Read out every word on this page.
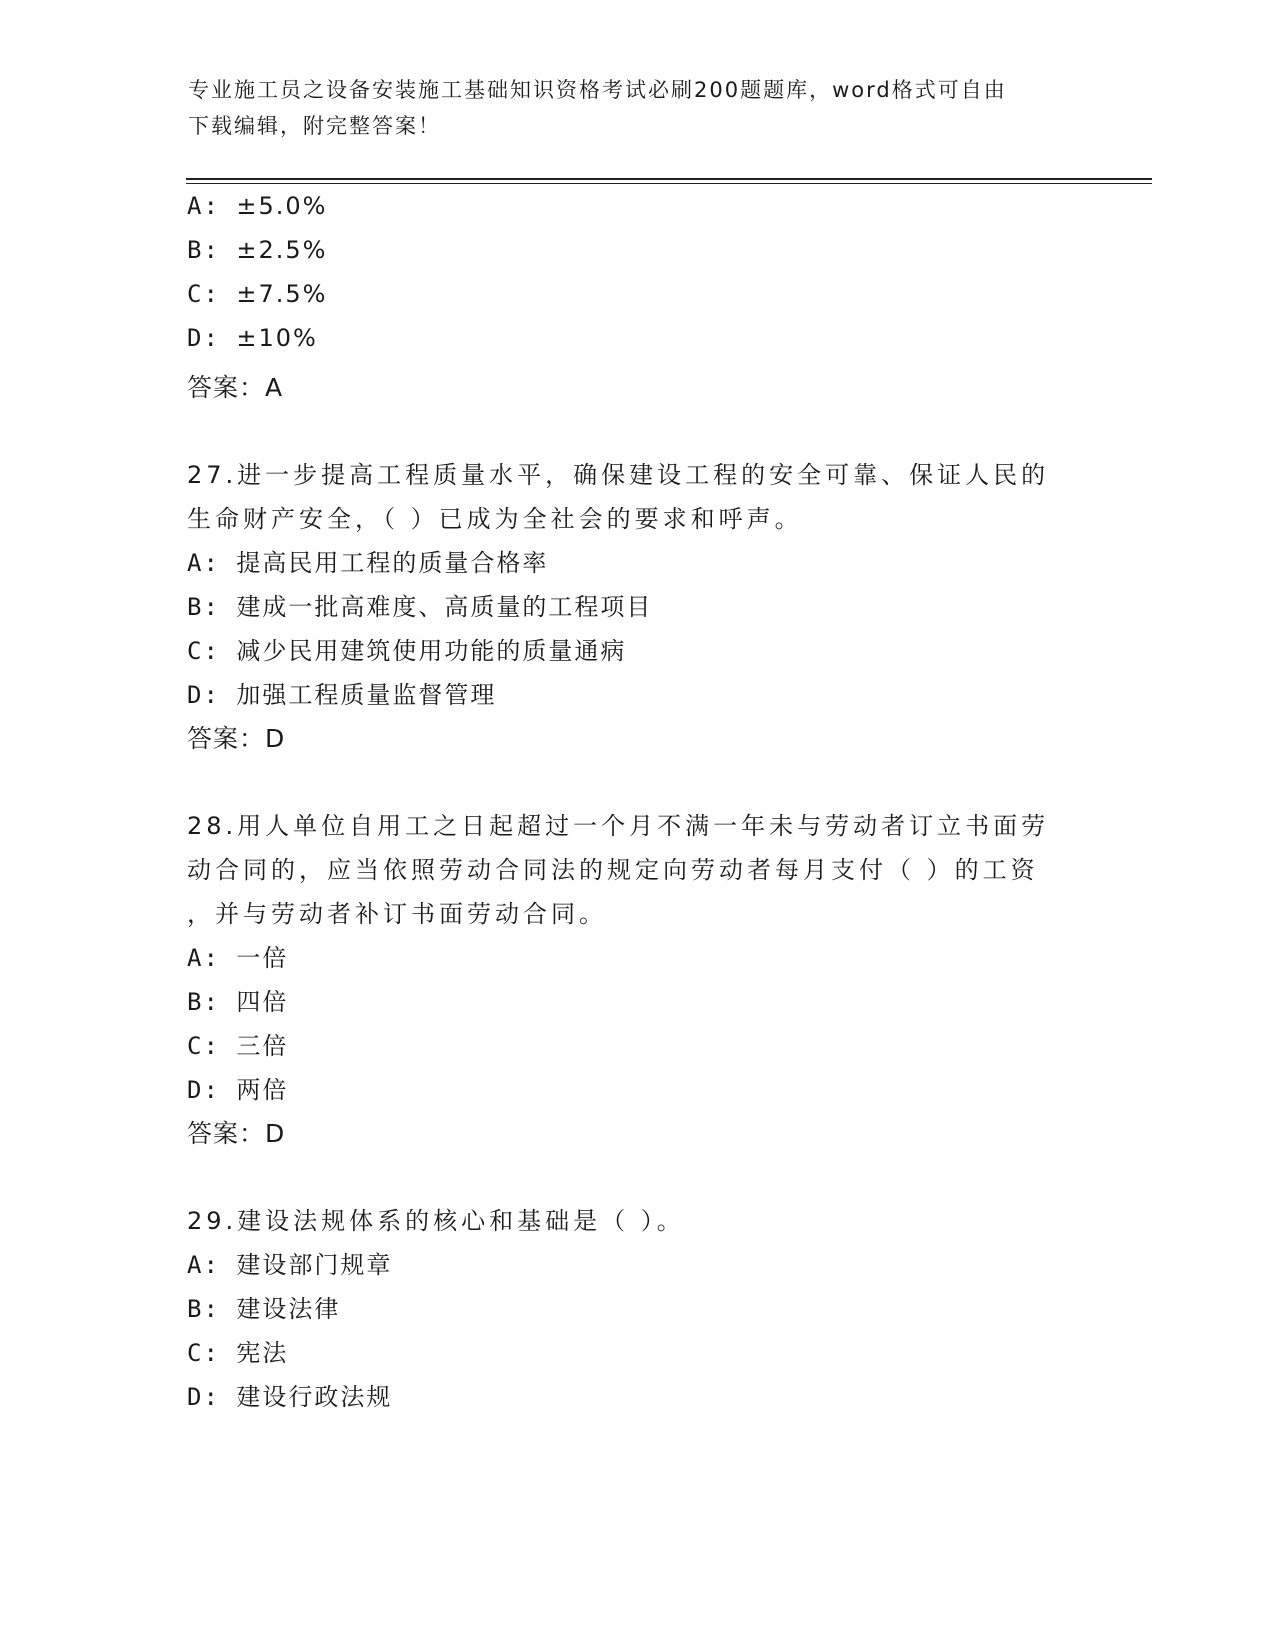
专业施工员之设备安装施工基础知识资格考试必刷200题题库，word格式可自由
下载编辑，附完整答案！
A: ±5.0%
B: ±2.5%
C: ±7.5%
D: ±10%
答案：A
27.进一步提高工程质量水平，确保建设工程的安全可靠、保证人民的
生命财产安全，（ ）已成为全社会的要求和呼声。
A: 提高民用工程的质量合格率
B: 建成一批高难度、高质量的工程项目
C: 减少民用建筑使用功能的质量通病
D: 加强工程质量监督管理
答案：D
28.用人单位自用工之日起超过一个月不满一年未与劳动者订立书面劳
动合同的，应当依照劳动合同法的规定向劳动者每月支付（ ）的工资
，并与劳动者补订书面劳动合同。
A: 一倍
B: 四倍
C: 三倍
D: 两倍
答案：D
29.建设法规体系的核心和基础是（ ）。
A: 建设部门规章
B: 建设法律
C: 宪法
D: 建设行政法规
